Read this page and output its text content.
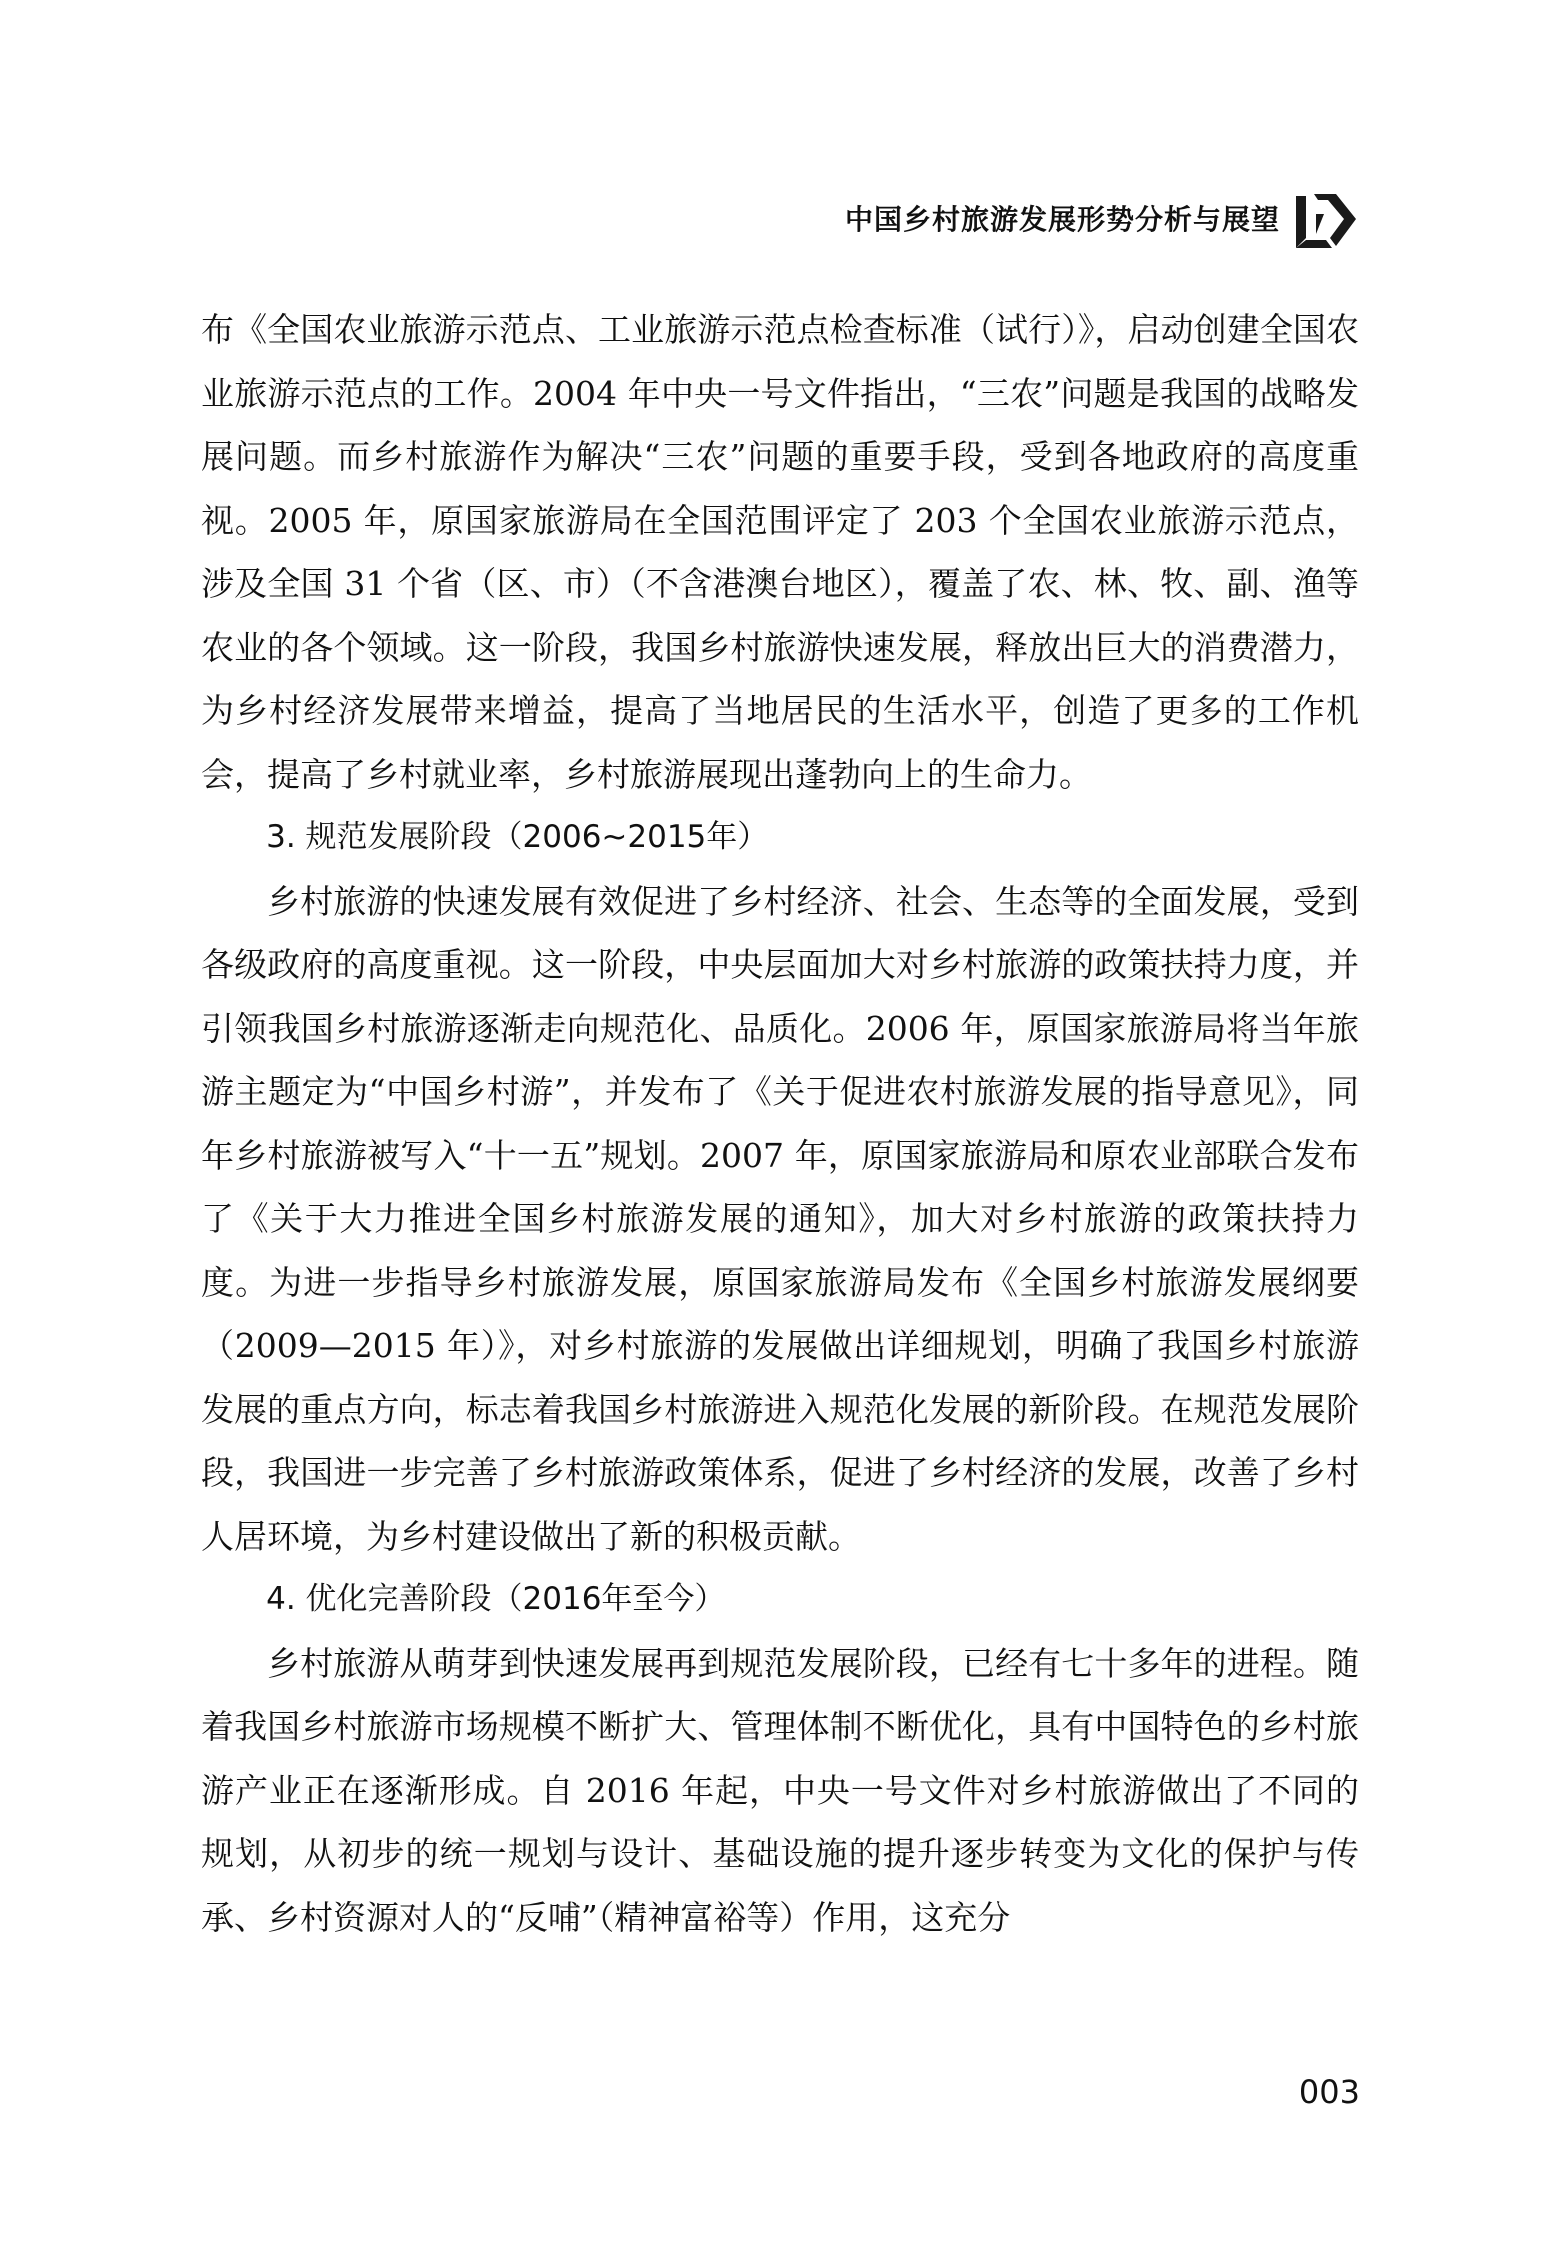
中国乡村旅游发展形势分析与展望

布《全国农业旅游示范点、工业旅游示范点检查标准（试行）》，启动创建全国农业旅游示范点的工作。2004 年中央一号文件指出，“三农”问题是我国的战略发展问题。而乡村旅游作为解决“三农”问题的重要手段，受到各地政府的高度重视。2005 年，原国家旅游局在全国范围评定了 203 个全国农业旅游示范点，涉及全国 31 个省（区、市）（不含港澳台地区），覆盖了农、林、牧、副、渔等农业的各个领域。这一阶段，我国乡村旅游快速发展，释放出巨大的消费潜力，为乡村经济发展带来增益，提高了当地居民的生活水平，创造了更多的工作机会，提高了乡村就业率，乡村旅游展现出蓬勃向上的生命力。

3. 规范发展阶段（2006~2015年）

乡村旅游的快速发展有效促进了乡村经济、社会、生态等的全面发展，受到各级政府的高度重视。这一阶段，中央层面加大对乡村旅游的政策扶持力度，并引领我国乡村旅游逐渐走向规范化、品质化。2006 年，原国家旅游局将当年旅游主题定为“中国乡村游”，并发布了《关于促进农村旅游发展的指导意见》，同年乡村旅游被写入“十一五”规划。2007 年，原国家旅游局和原农业部联合发布了《关于大力推进全国乡村旅游发展的通知》，加大对乡村旅游的政策扶持力度。为进一步指导乡村旅游发展，原国家旅游局发布《全国乡村旅游发展纲要（2009—2015 年）》，对乡村旅游的发展做出详细规划，明确了我国乡村旅游发展的重点方向，标志着我国乡村旅游进入规范化发展的新阶段。在规范发展阶段，我国进一步完善了乡村旅游政策体系，促进了乡村经济的发展，改善了乡村人居环境，为乡村建设做出了新的积极贡献。

4. 优化完善阶段（2016年至今）

乡村旅游从萌芽到快速发展再到规范发展阶段，已经有七十多年的进程。随着我国乡村旅游市场规模不断扩大、管理体制不断优化，具有中国特色的乡村旅游产业正在逐渐形成。自 2016 年起，中央一号文件对乡村旅游做出了不同的规划，从初步的统一规划与设计、基础设施的提升逐步转变为文化的保护与传承、乡村资源对人的“反哺”（精神富裕等）作用，这充分

003
